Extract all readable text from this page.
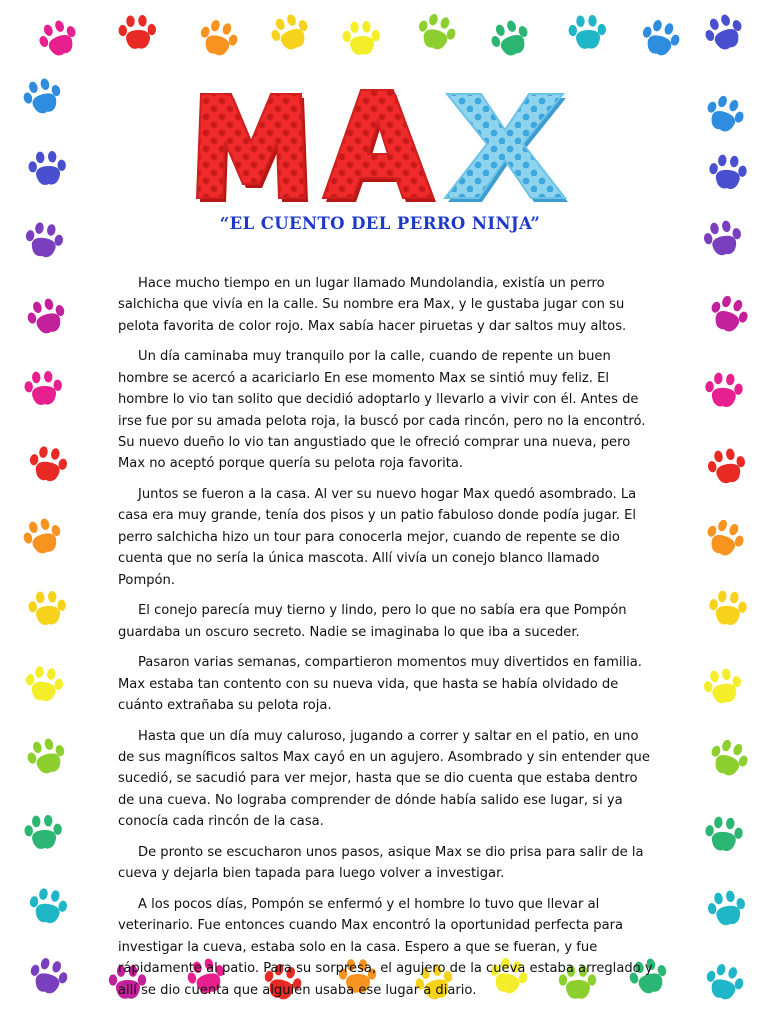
“EL CUENTO DEL PERRO NINJA”

Hace mucho tiempo en un lugar llamado Mundolandia, existía un perro salchicha que vivía en la calle. Su nombre era Max, y le gustaba jugar con su pelota favorita de color rojo. Max sabía hacer piruetas y dar saltos muy altos.

Un día caminaba muy tranquilo por la calle, cuando de repente un buen hombre se acercó a acariciarlo En ese momento Max se sintió muy feliz. El hombre lo vio tan solito que decidió adoptarlo y llevarlo a vivir con él. Antes de irse fue por su amada pelota roja, la buscó por cada rincón, pero no la encontró. Su nuevo dueño lo vio tan angustiado que le ofreció comprar una nueva, pero Max no aceptó porque quería su pelota roja favorita.

Juntos se fueron a la casa. Al ver su nuevo hogar Max quedó asombrado. La casa era muy grande, tenía dos pisos y un patio fabuloso donde podía jugar. El perro salchicha hizo un tour para conocerla mejor, cuando de repente se dio cuenta que no sería la única mascota. Allí vivía un conejo blanco llamado Pompón.

El conejo parecía muy tierno y lindo, pero lo que no sabía era que Pompón guardaba un oscuro secreto. Nadie se imaginaba lo que iba a suceder.

Pasaron varias semanas, compartieron momentos muy divertidos en familia. Max estaba tan contento con su nueva vida, que hasta se había olvidado de cuánto extrañaba su pelota roja.

Hasta que un día muy caluroso, jugando a correr y saltar en el patio, en uno de sus magníficos saltos Max cayó en un agujero. Asombrado y sin entender que sucedió, se sacudió para ver mejor, hasta que se dio cuenta que estaba dentro de una cueva. No lograba comprender de dónde había salido ese lugar, si ya conocía cada rincón de la casa.

De pronto se escucharon unos pasos, asique Max se dio prisa para salir de la cueva y dejarla bien tapada para luego volver a investigar.

A los pocos días, Pompón se enfermó y el hombre lo tuvo que llevar al veterinario. Fue entonces cuando Max encontró la oportunidad perfecta para investigar la cueva, estaba solo en la casa. Espero a que se fueran, y fue rápidamente al patio. Para su sorpresa, el agujero de la cueva estaba arreglado y allí se dio cuenta que alguien usaba ese lugar a diario.
